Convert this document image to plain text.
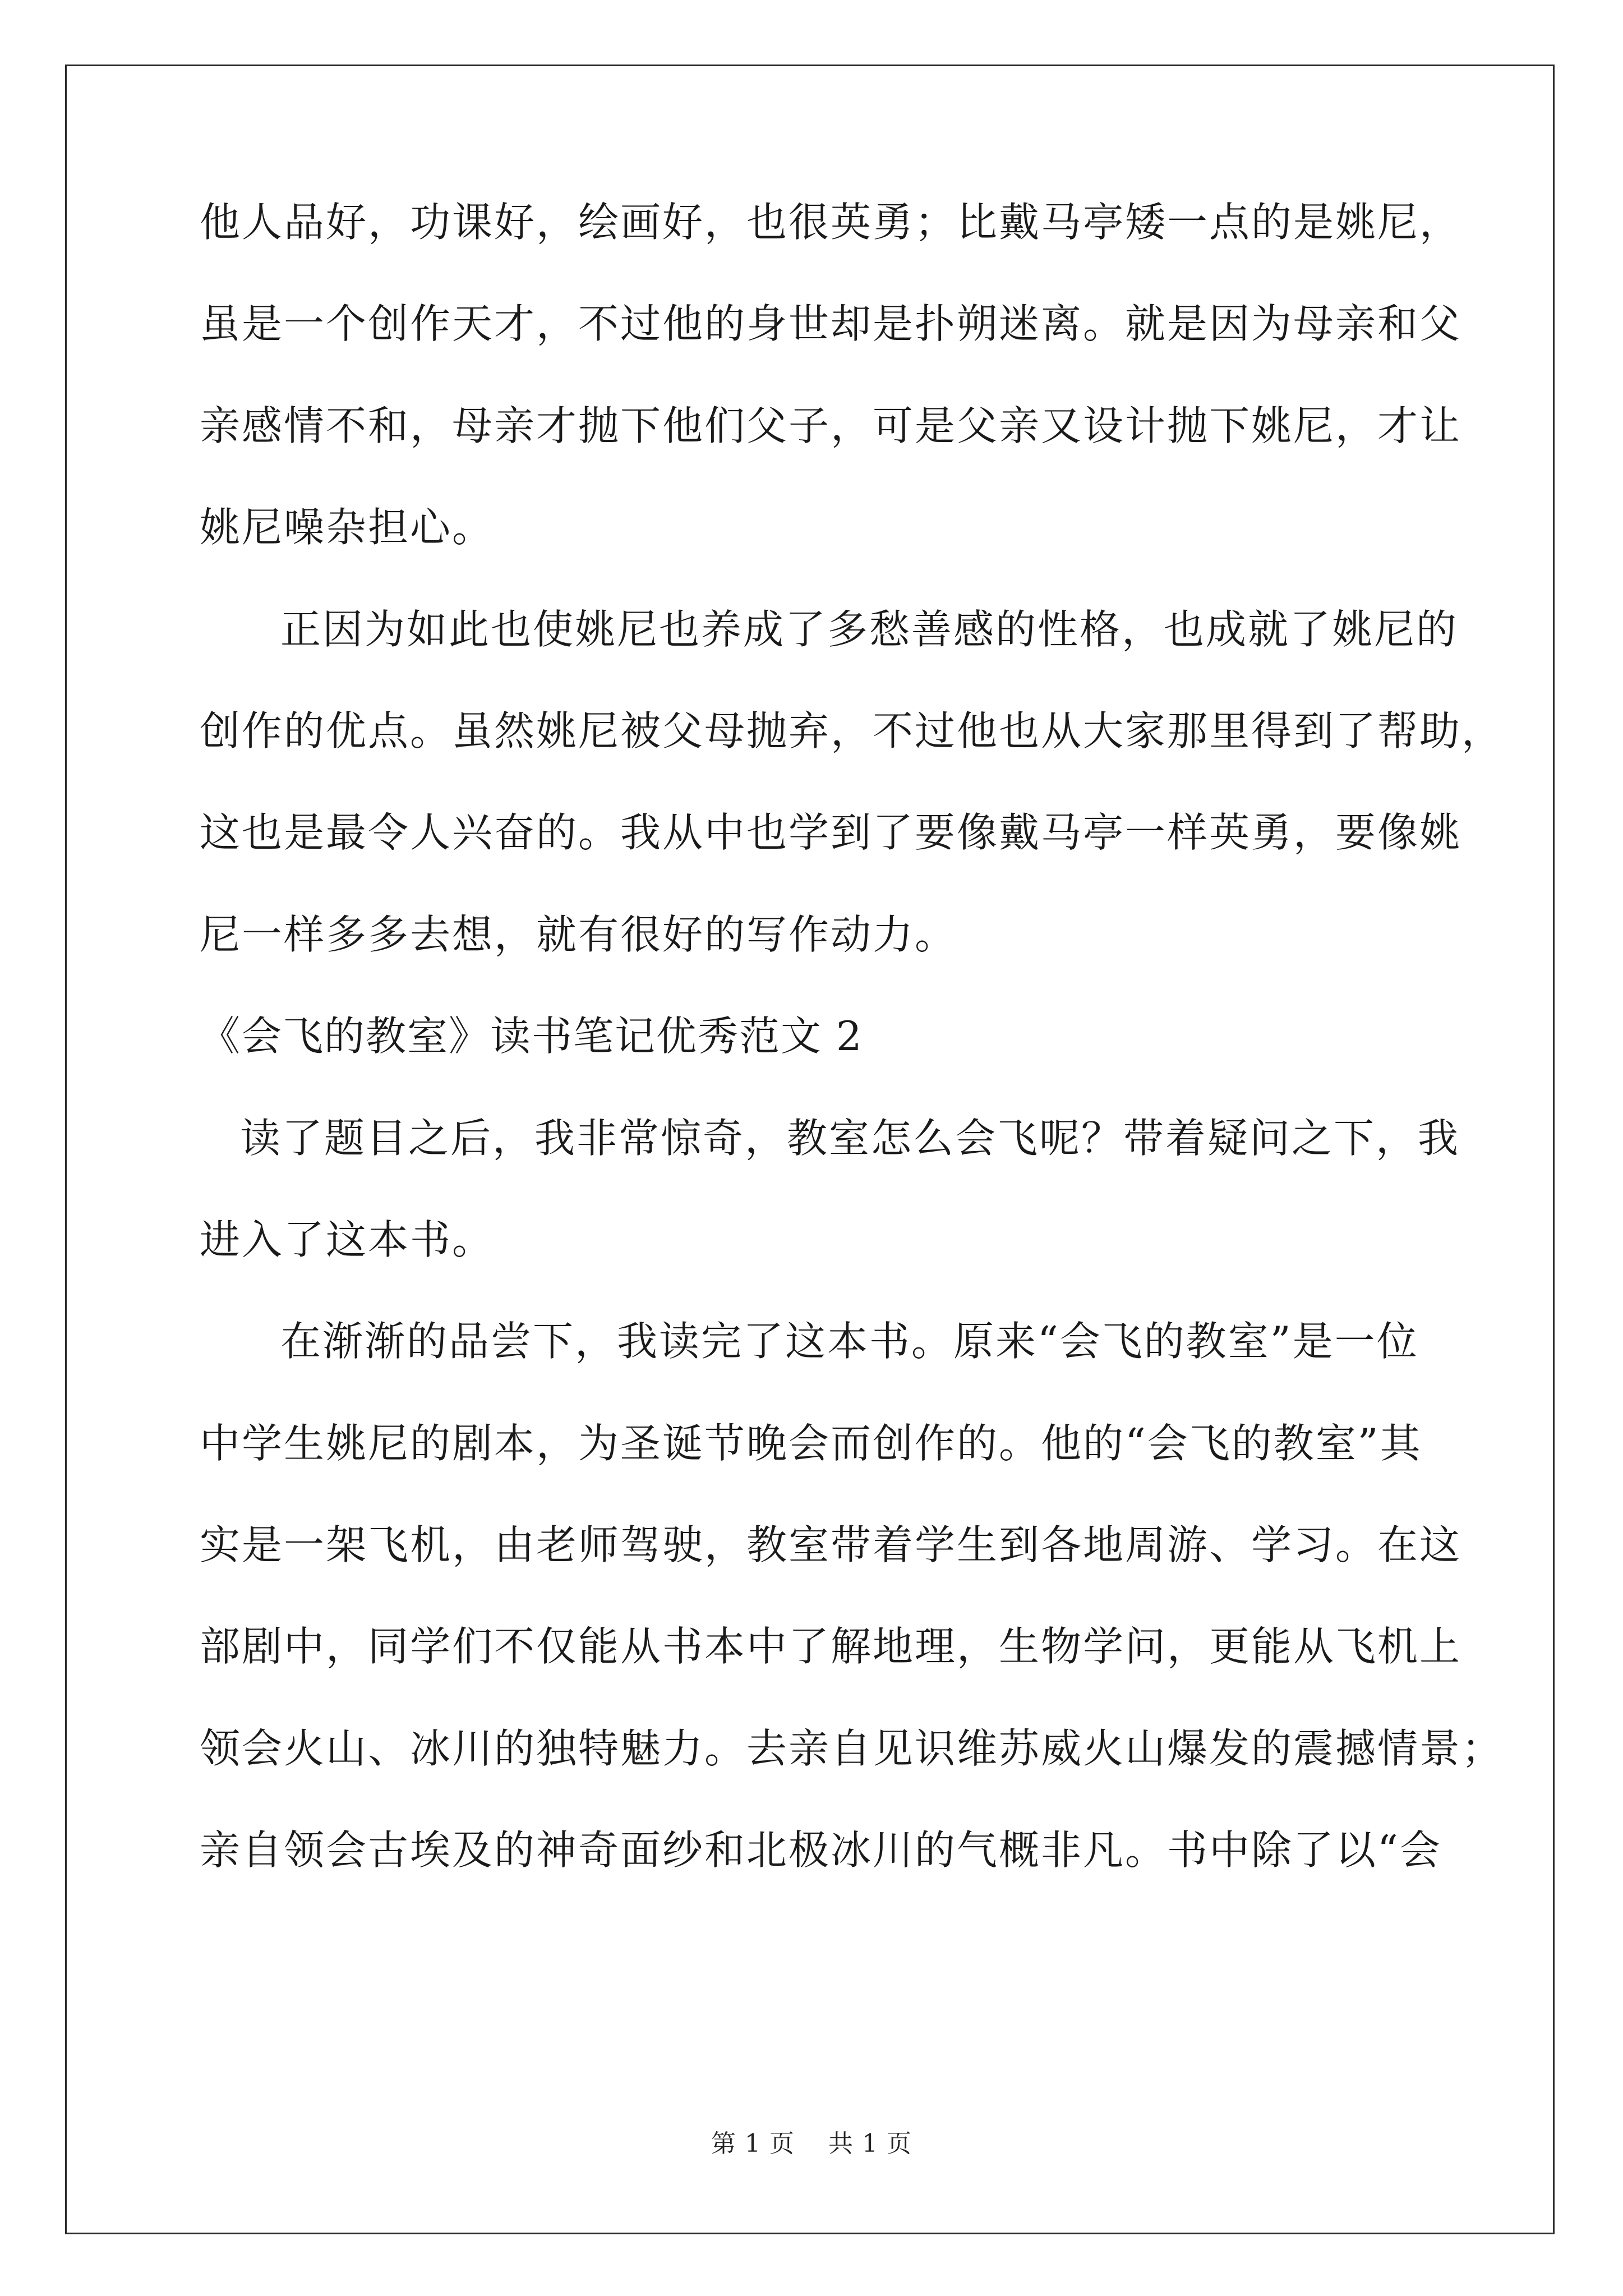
他人品好，功课好，绘画好，也很英勇；比戴马亭矮一点的是姚尼，
虽是一个创作天才，不过他的身世却是扑朔迷离。就是因为母亲和父
亲感情不和，母亲才抛下他们父子，可是父亲又设计抛下姚尼，才让
姚尼噪杂担心。
正因为如此也使姚尼也养成了多愁善感的性格，也成就了姚尼的
创作的优点。虽然姚尼被父母抛弃，不过他也从大家那里得到了帮助，
这也是最令人兴奋的。我从中也学到了要像戴马亭一样英勇，要像姚
尼一样多多去想，就有很好的写作动力。
《会飞的教室》读书笔记优秀范文 2
读了题目之后，我非常惊奇，教室怎么会飞呢？带着疑问之下，我
进入了这本书。
在渐渐的品尝下，我读完了这本书。原来“会飞的教室”是一位
中学生姚尼的剧本，为圣诞节晚会而创作的。他的“会飞的教室”其
实是一架飞机，由老师驾驶，教室带着学生到各地周游、学习。在这
部剧中，同学们不仅能从书本中了解地理，生物学问，更能从飞机上
领会火山、冰川的独特魅力。去亲自见识维苏威火山爆发的震撼情景；
亲自领会古埃及的神奇面纱和北极冰川的气概非凡。书中除了以“会
第 1 页　 共 1 页
